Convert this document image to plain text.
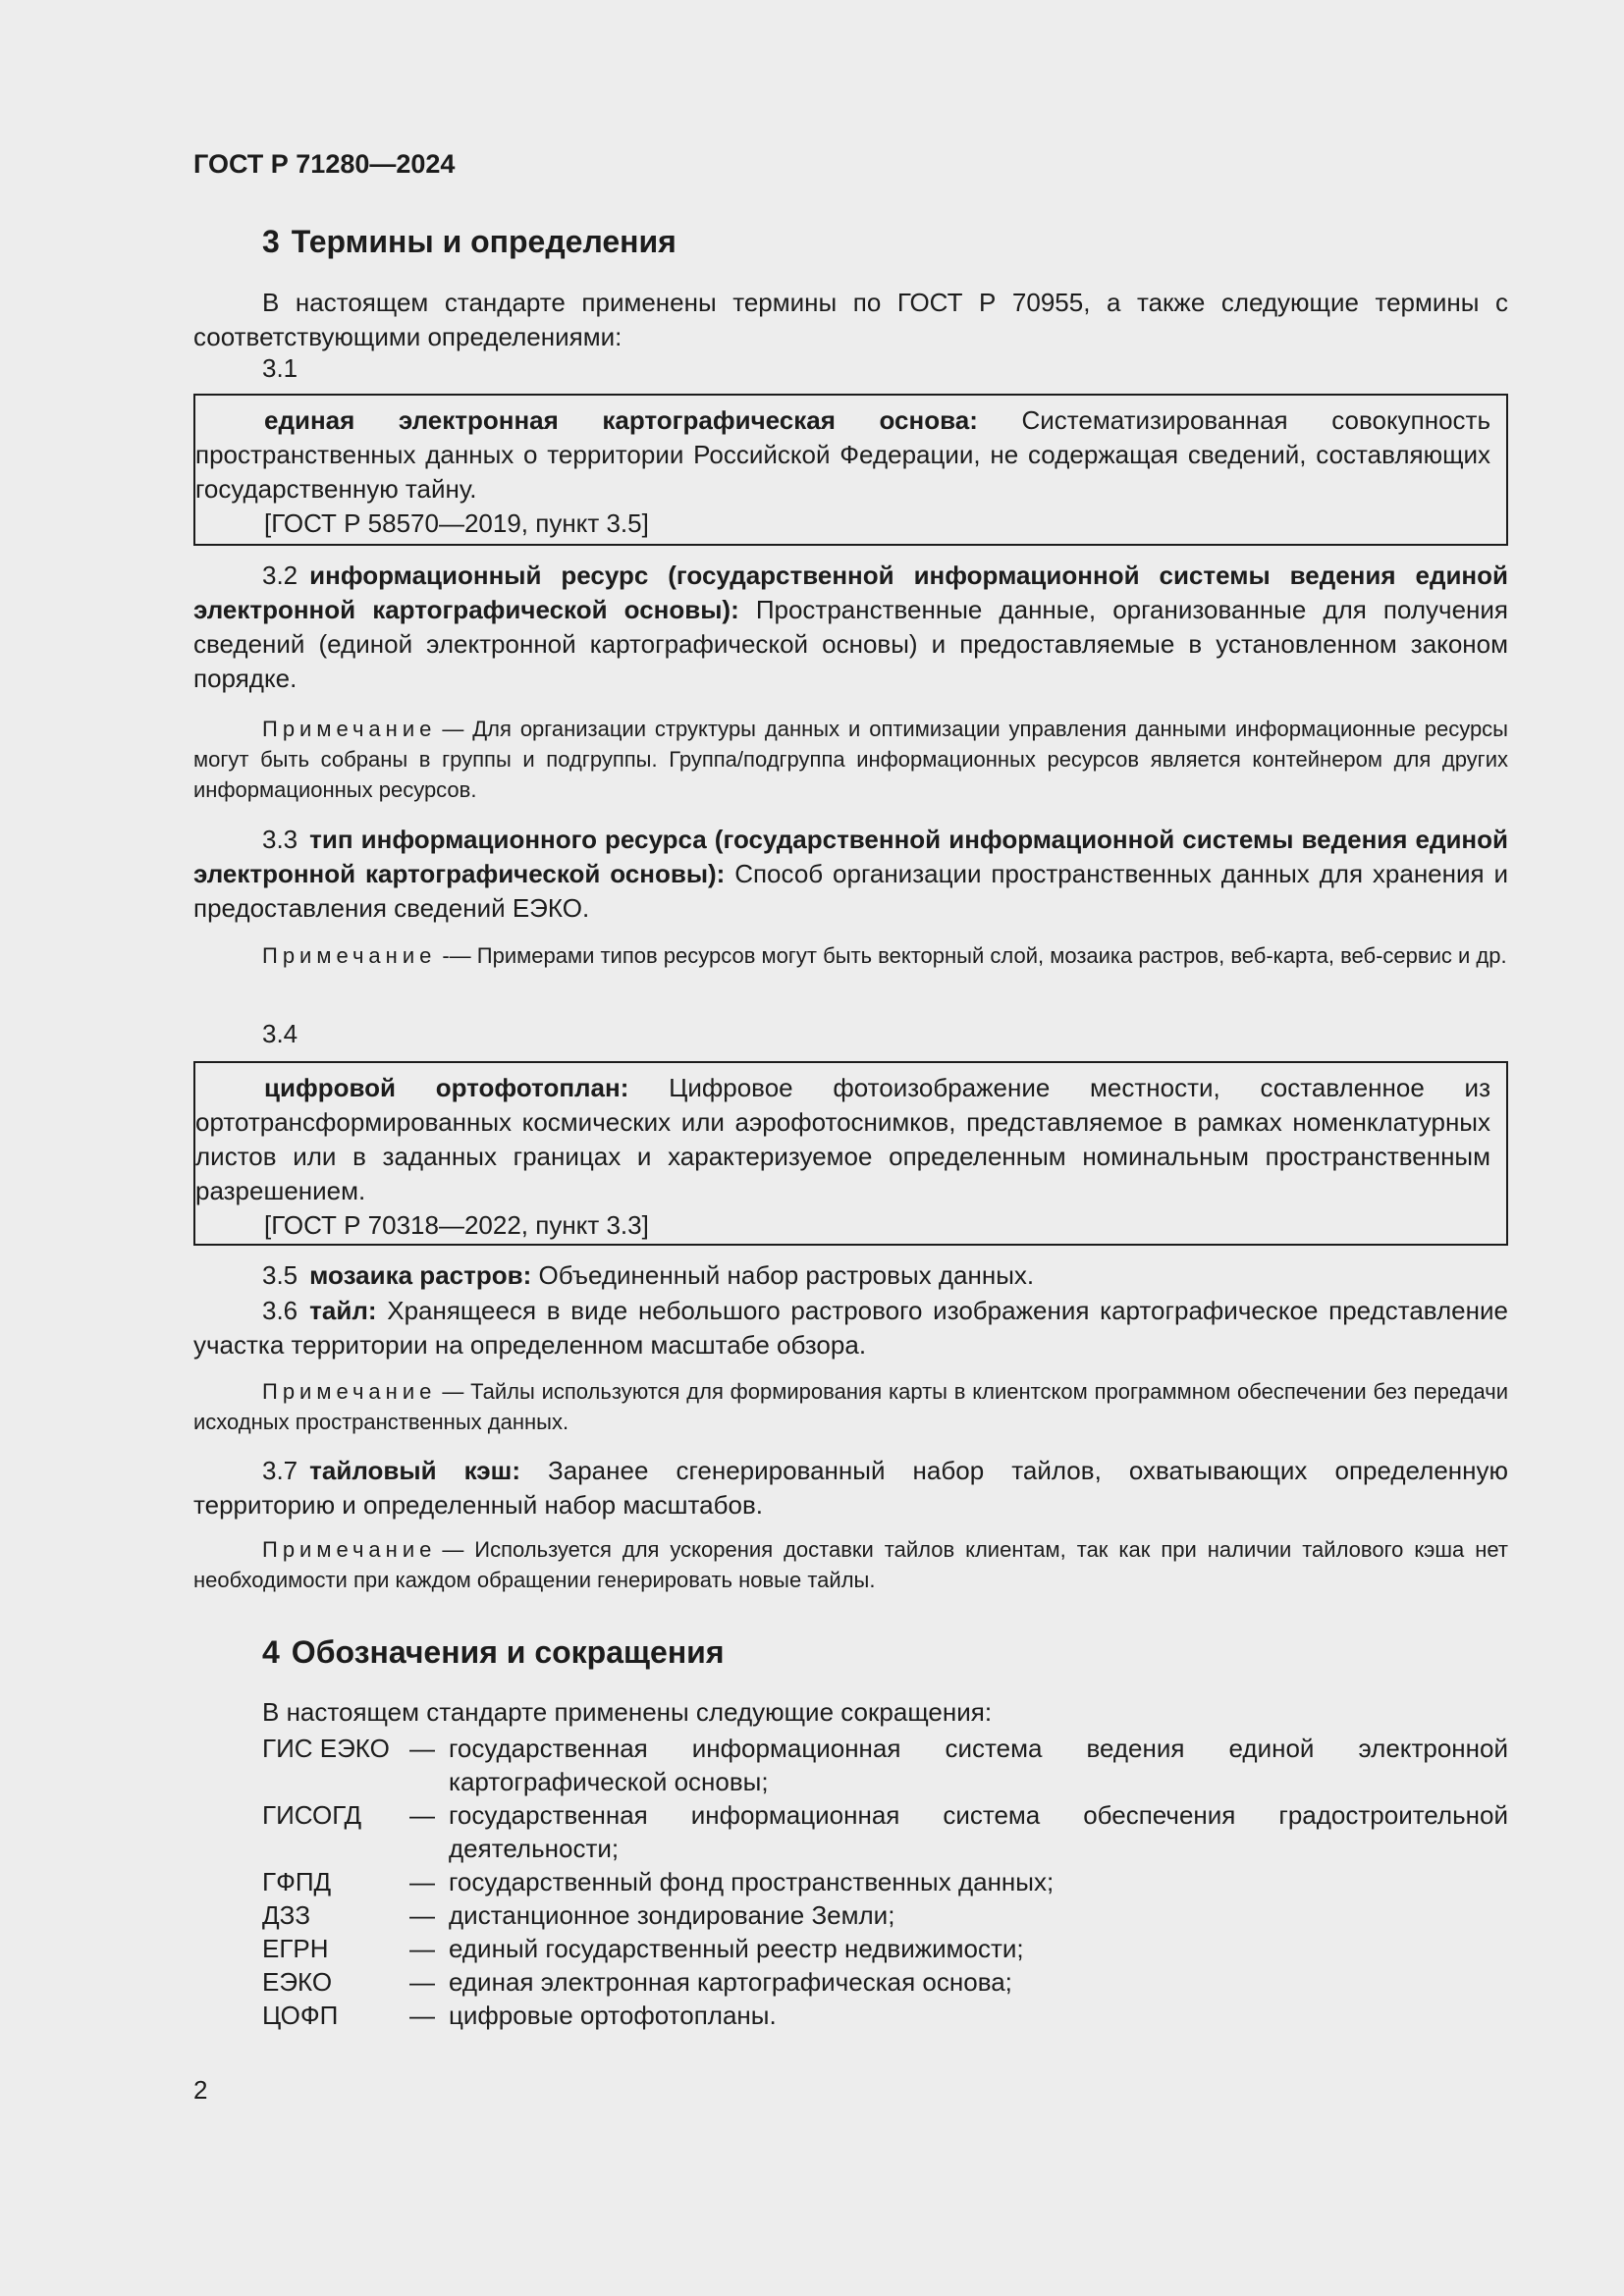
ГОСТ Р 71280—2024

3 Термины и определения

В настоящем стандарте применены термины по ГОСТ Р 70955, а также следующие термины с соответствующими определениями:

3.1

единая электронная картографическая основа: Систематизированная совокупность пространственных данных о территории Российской Федерации, не содержащая сведений, составляющих государственную тайну.

[ГОСТ Р 58570—2019, пункт 3.5]

3.2 информационный ресурс (государственной информационной системы ведения единой электронной картографической основы): Пространственные данные, организованные для получения сведений (единой электронной картографической основы) и предоставляемые в установленном законом порядке.

Примечание — Для организации структуры данных и оптимизации управления данными информационные ресурсы могут быть собраны в группы и подгруппы. Группа/подгруппа информационных ресурсов является контейнером для других информационных ресурсов.

3.3 тип информационного ресурса (государственной информационной системы ведения единой электронной картографической основы): Способ организации пространственных данных для хранения и предоставления сведений ЕЭКО.

Примечание -— Примерами типов ресурсов могут быть векторный слой, мозаика растров, веб-карта, веб-сервис и др.

3.4

цифровой ортофотоплан: Цифровое фотоизображение местности, составленное из ортотрансформированных космических или аэрофотоснимков, представляемое в рамках номенклатурных листов или в заданных границах и характеризуемое определенным номинальным пространственным разрешением.

[ГОСТ Р 70318—2022, пункт 3.3]

3.5 мозаика растров: Объединенный набор растровых данных.

3.6 тайл: Хранящееся в виде небольшого растрового изображения картографическое представление участка территории на определенном масштабе обзора.

Примечание — Тайлы используются для формирования карты в клиентском программном обеспечении без передачи исходных пространственных данных.

3.7 тайловый кэш: Заранее сгенерированный набор тайлов, охватывающих определенную территорию и определенный набор масштабов.

Примечание — Используется для ускорения доставки тайлов клиентам, так как при наличии тайлового кэша нет необходимости при каждом обращении генерировать новые тайлы.

4 Обозначения и сокращения

В настоящем стандарте применены следующие сокращения:

ГИС ЕЭКО — государственная информационная система ведения единой электронной картографической основы;
ГИСОГД	— государственная информационная система обеспечения градостроительной деятельности;
ГФПД	— государственный фонд пространственных данных;
ДЗЗ	— дистанционное зондирование Земли;
ЕГРН	— единый государственный реестр недвижимости;
ЕЭКО	— единая электронная картографическая основа;
ЦОФП	— цифровые ортофотопланы.

2
